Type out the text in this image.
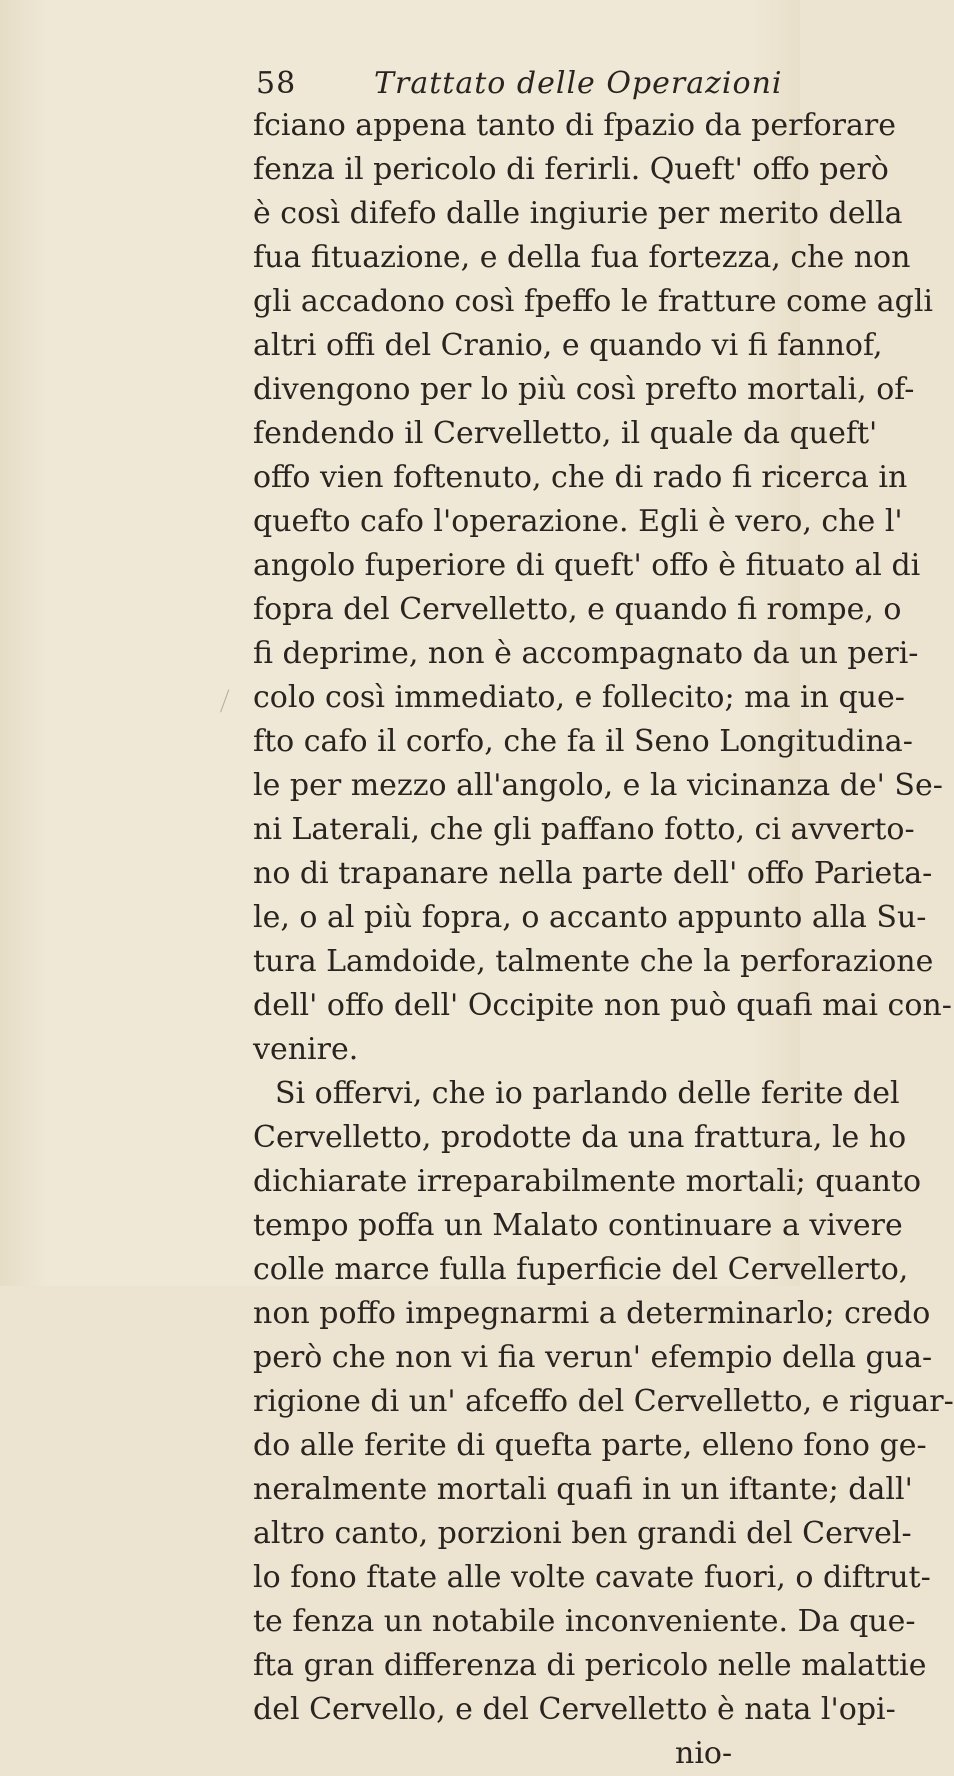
58	Trattato delle Operazioni
fciano appena tanto di fpazio da perforare
fenza il pericolo di ferirli. Queft' offo però
è così difefo dalle ingiurie per merito della
fua fituazione, e della fua fortezza, che non
gli accadono così fpeffo le fratture come agli
altri offi del Cranio, e quando vi fi fannof,
divengono per lo più così prefto mortali, of-
fendendo il Cervelletto, il quale da queft'
offo vien foftenuto, che di rado fi ricerca in
quefto cafo l'operazione. Egli è vero, che l'
angolo fuperiore di queft' offo è fituato al di
fopra del Cervelletto, e quando fi rompe, o
fi deprime, non è accompagnato da un peri-
colo così immediato, e follecito; ma in que-
fto cafo il corfo, che fa il Seno Longitudina-
le per mezzo all'angolo, e la vicinanza de' Se-
ni Laterali, che gli paffano fotto, ci avverto-
no di trapanare nella parte dell' offo Parieta-
le, o al più fopra, o accanto appunto alla Su-
tura Lamdoide, talmente che la perforazione
dell' offo dell' Occipite non può quafi mai con-
venire.
Si offervi, che io parlando delle ferite del
Cervelletto, prodotte da una frattura, le ho
dichiarate irreparabilmente mortali; quanto
tempo poffa un Malato continuare a vivere
colle marce fulla fuperficie del Cervellerto,
non poffo impegnarmi a determinarlo; credo
però che non vi fia verun' efempio della gua-
rigione di un' afceffo del Cervelletto, e riguar-
do alle ferite di quefta parte, elleno fono ge-
neralmente mortali quafi in un iftante; dall'
altro canto, porzioni ben grandi del Cervel-
lo fono ftate alle volte cavate fuori, o diftrut-
te fenza un notabile inconveniente. Da que-
fta gran differenza di pericolo nelle malattie
del Cervello, e del Cervelletto è nata l'opi-
nio-
